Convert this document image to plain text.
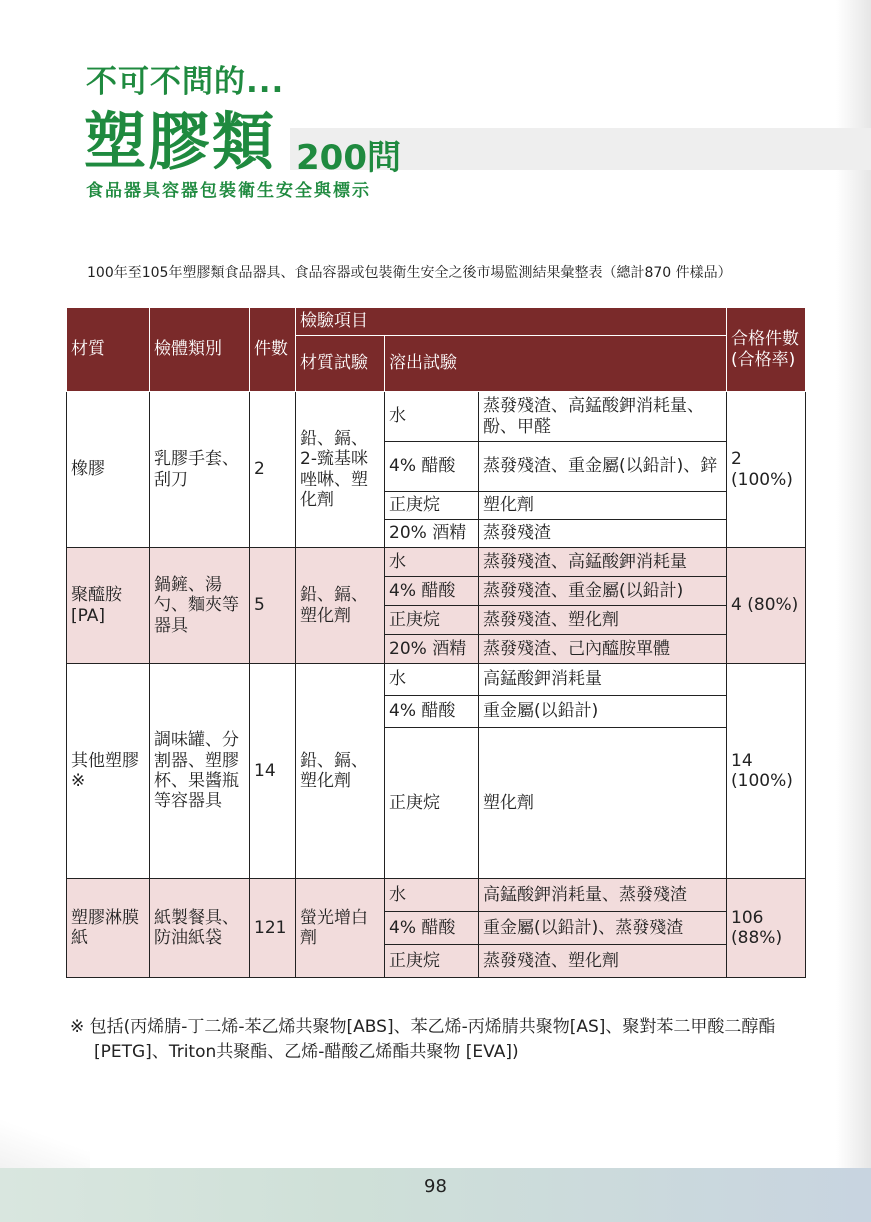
不可不問的...
塑膠類 200問
食品器具容器包裝衛生安全與標示
100年至105年塑膠類食品器具、食品容器或包裝衛生安全之後市場監測結果彙整表（總計870 件樣品）
材質	檢體類別	件數	檢驗項目			合格件數(合格率)
			材質試驗	溶出試驗		
橡膠	乳膠手套、刮刀	2	鉛、鎘、2-巰基咪唑啉、塑化劑	水	蒸發殘渣、高錳酸鉀消耗量、酚、甲醛	2 (100%)
				4% 醋酸	蒸發殘渣、重金屬(以鉛計)、鋅	
				正庚烷	塑化劑	
				20% 酒精	蒸發殘渣	
聚醯胺[PA]	鍋鏟、湯勺、麵夾等器具	5	鉛、鎘、塑化劑	水	蒸發殘渣、高錳酸鉀消耗量	4 (80%)
				4% 醋酸	蒸發殘渣、重金屬(以鉛計)	
				正庚烷	蒸發殘渣、塑化劑	
				20% 酒精	蒸發殘渣、己內醯胺單體	
其他塑膠※	調味罐、分割器、塑膠杯、果醬瓶等容器具	14	鉛、鎘、塑化劑	水	高錳酸鉀消耗量	14 (100%)
				4% 醋酸	重金屬(以鉛計)	
				正庚烷	塑化劑	
塑膠淋膜紙	紙製餐具、防油紙袋	121	螢光增白劑	水	高錳酸鉀消耗量、蒸發殘渣	106 (88%)
				4% 醋酸	重金屬(以鉛計)、蒸發殘渣	
				正庚烷	蒸發殘渣、塑化劑	
※ 包括(丙烯腈-丁二烯-苯乙烯共聚物[ABS]、苯乙烯-丙烯腈共聚物[AS]、聚對苯二甲酸二醇酯 [PETG]、Triton共聚酯、乙烯-醋酸乙烯酯共聚物 [EVA])
98
